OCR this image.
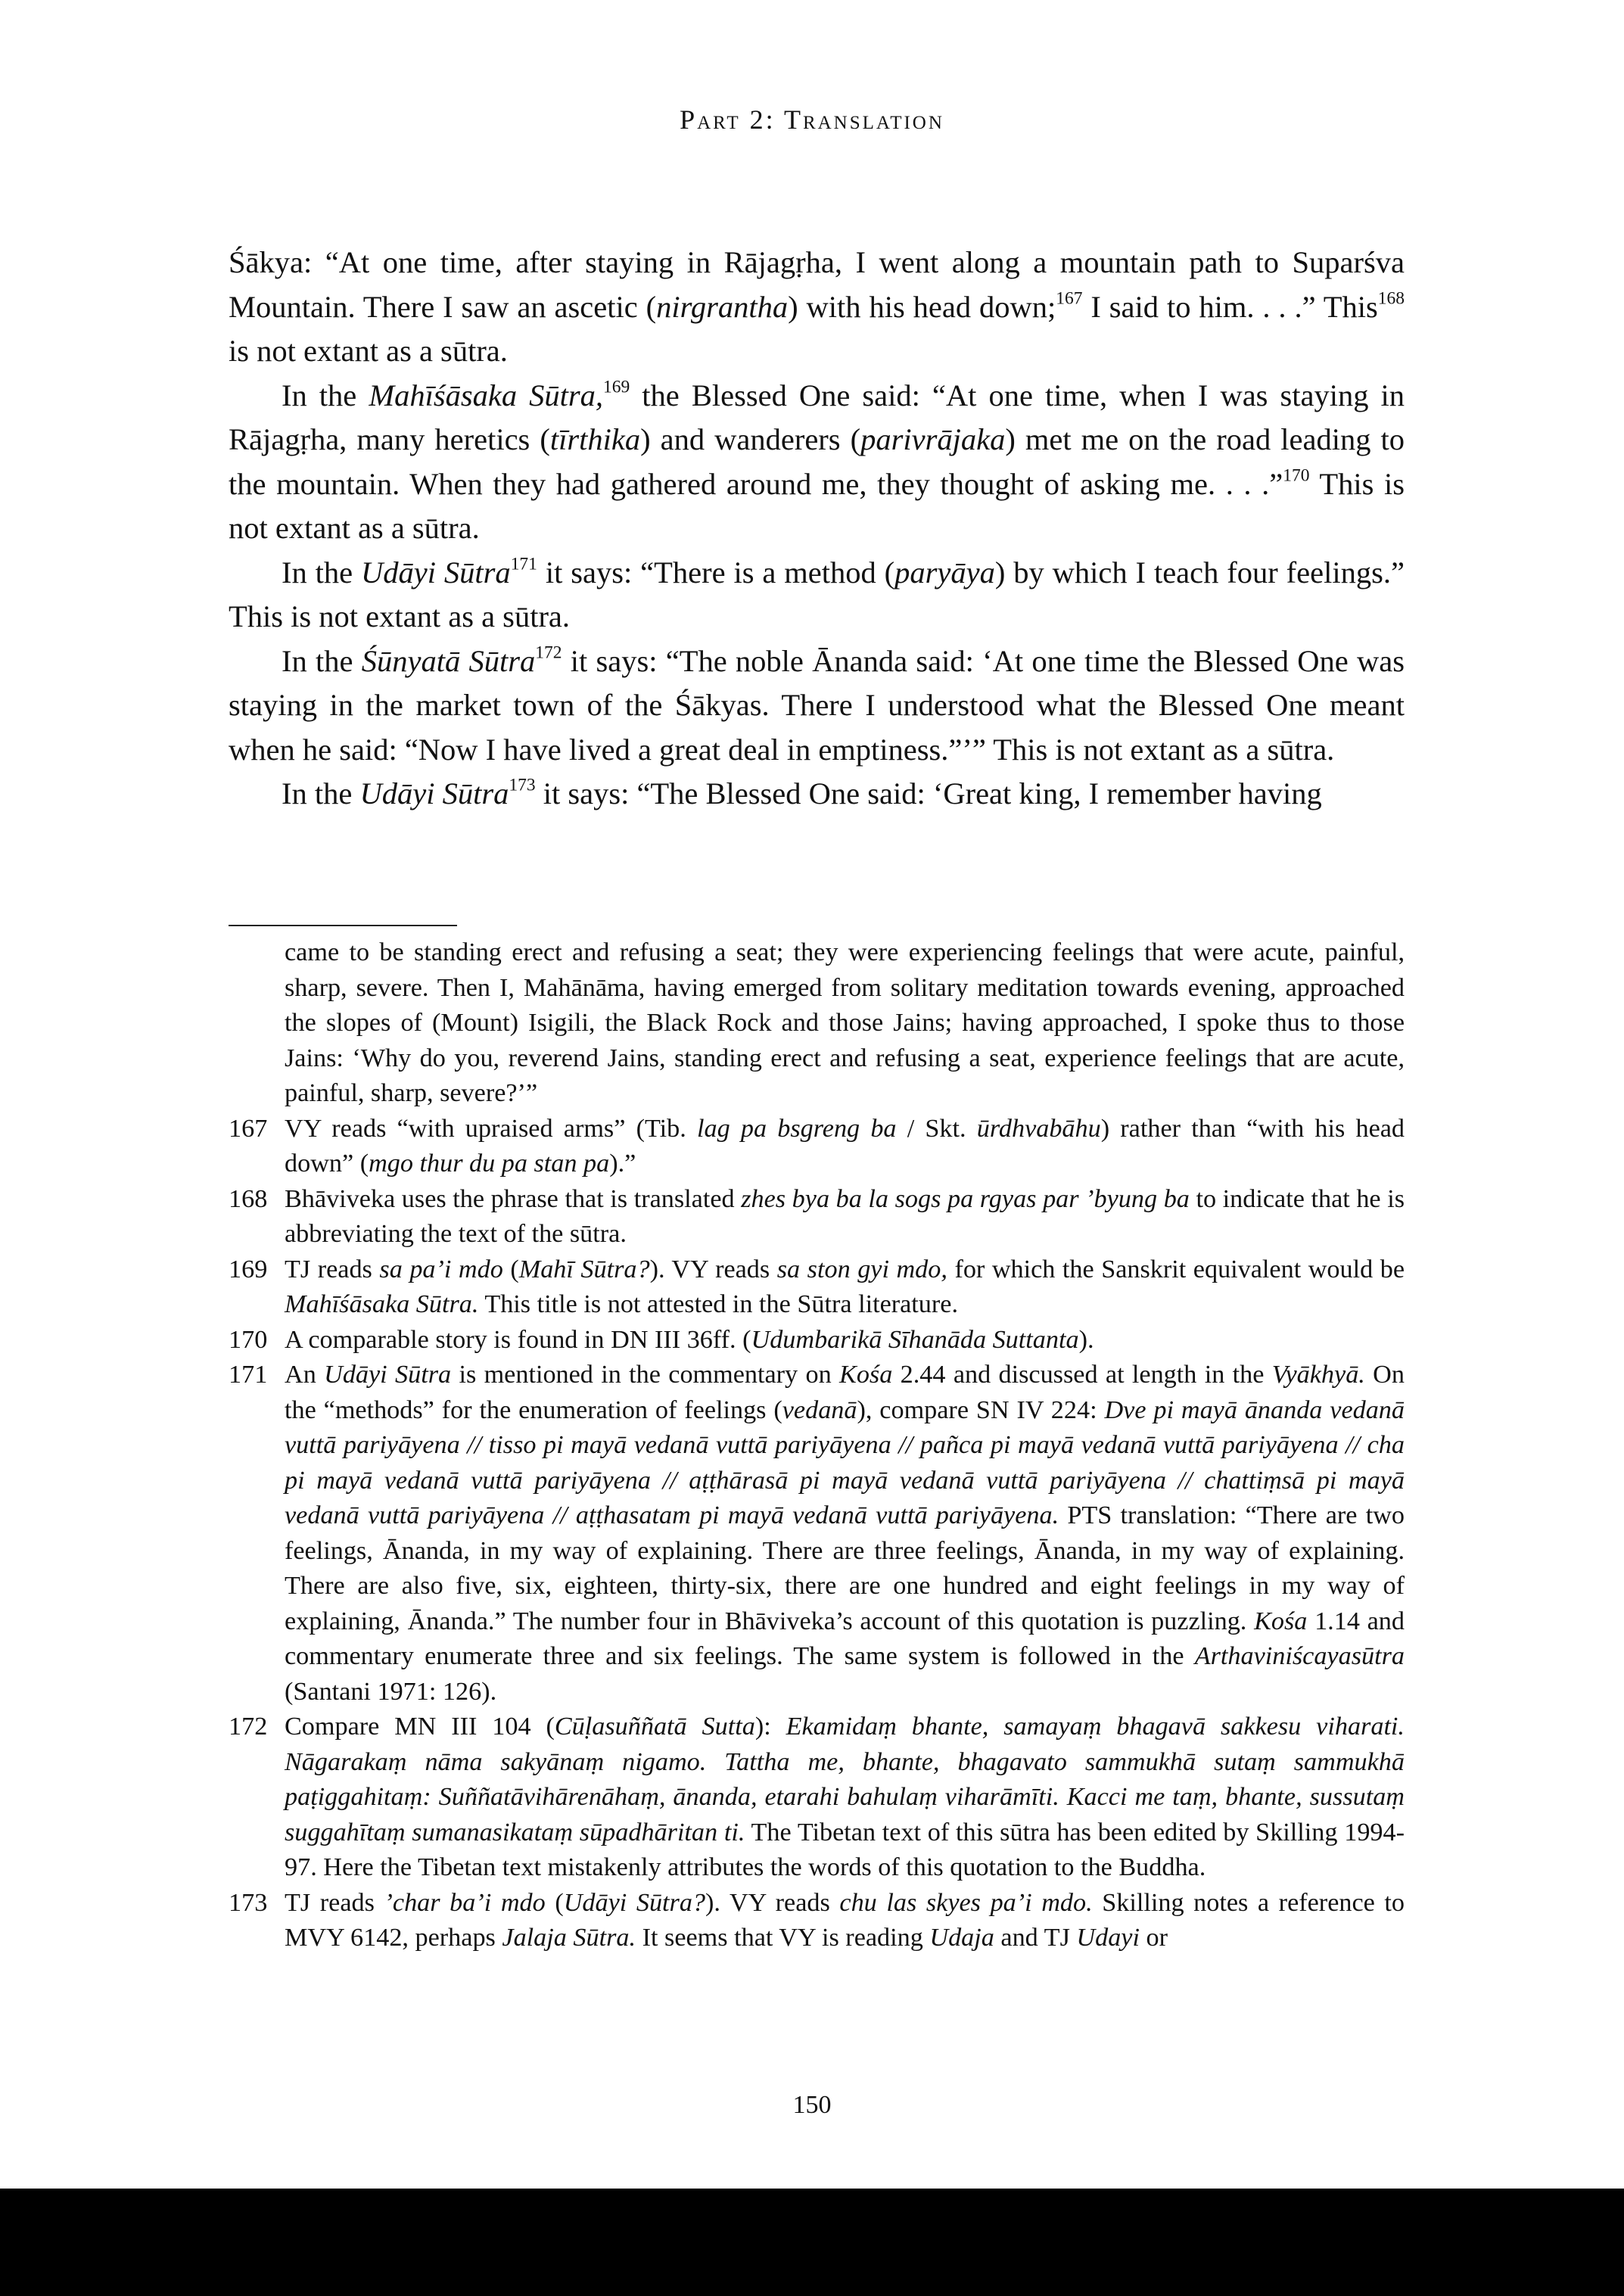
Part 2: Translation

Śākya: “At one time, after staying in Rājagṛha, I went along a mountain path to Suparśva Mountain. There I saw an ascetic (nirgrantha) with his head down;$^{167}$ I said to him. . . .” This$^{168}$ is not extant as a sūtra.

In the Mahīśāsaka Sūtra,$^{169}$ the Blessed One said: “At one time, when I was staying in Rājagṛha, many heretics (tīrthika) and wanderers (parivrājaka) met me on the road leading to the mountain. When they had gathered around me, they thought of asking me. . . .”$^{170}$ This is not extant as a sūtra.

In the Udāyi Sūtra$^{171}$ it says: “There is a method (paryāya) by which I teach four feelings.” This is not extant as a sūtra.

In the Śūnyatā Sūtra$^{172}$ it says: “The noble Ānanda said: ‘At one time the Blessed One was staying in the market town of the Śākyas. There I understood what the Blessed One meant when he said: “Now I have lived a great deal in emptiness.”’” This is not extant as a sūtra.

In the Udāyi Sūtra$^{173}$ it says: “The Blessed One said: ‘Great king, I remember having

came to be standing erect and refusing a seat; they were experiencing feelings that were acute, painful, sharp, severe. Then I, Mahānāma, having emerged from solitary meditation towards evening, approached the slopes of (Mount) Isigili, the Black Rock and those Jains; having approached, I spoke thus to those Jains: ‘Why do you, reverend Jains, standing erect and refusing a seat, experience feelings that are acute, painful, sharp, severe?’”

167 VY reads “with upraised arms” (Tib. lag pa bsgreng ba / Skt. ūrdhvabāhu) rather than “with his head down” (mgo thur du pa stan pa).”
168 Bhāviveka uses the phrase that is translated zhes bya ba la sogs pa rgyas par ’byung ba to indicate that he is abbreviating the text of the sūtra.
169 TJ reads sa pa’i mdo (Mahī Sūtra?). VY reads sa ston gyi mdo, for which the Sanskrit equivalent would be Mahīśāsaka Sūtra. This title is not attested in the Sūtra literature.
170 A comparable story is found in DN III 36ff. (Udumbarikā Sīhanāda Suttanta).
171 An Udāyi Sūtra is mentioned in the commentary on Kośa 2.44 and discussed at length in the Vyākhyā. On the “methods” for the enumeration of feelings (vedanā), compare SN IV 224: Dve pi mayā ānanda vedanā vuttā pariyāyena // tisso pi mayā vedanā vuttā pariyāyena // pañca pi mayā vedanā vuttā pariyāyena // cha pi mayā vedanā vuttā pariyāyena // aṭṭhārasā pi mayā vedanā vuttā pariyāyena // chattiṃsā pi mayā vedanā vuttā pariyāyena // aṭṭhasatam pi mayā vedanā vuttā pariyāyena. PTS translation: “There are two feelings, Ānanda, in my way of explaining. There are three feelings, Ānanda, in my way of explaining. There are also five, six, eighteen, thirty-six, there are one hundred and eight feelings in my way of explaining, Ānanda.” The number four in Bhāviveka’s account of this quotation is puzzling. Kośa 1.14 and commentary enumerate three and six feelings. The same system is followed in the Arthaviniścayasūtra (Santani 1971: 126).
172 Compare MN III 104 (Cūḷasuññatā Sutta): Ekamidaṃ bhante, samayaṃ bhagavā sakkesu viharati. Nāgarakaṃ nāma sakyānaṃ nigamo. Tattha me, bhante, bhagavato sammukhā sutaṃ sammukhā paṭiggahitaṃ: Suññatāvihārenāhaṃ, ānanda, etarahi bahulaṃ viharāmīti. Kacci me taṃ, bhante, sussutaṃ suggahītaṃ sumanasikataṃ sūpadhāritan ti. The Tibetan text of this sūtra has been edited by Skilling 1994-97. Here the Tibetan text mistakenly attributes the words of this quotation to the Buddha.
173 TJ reads ’char ba’i mdo (Udāyi Sūtra?). VY reads chu las skyes pa’i mdo. Skilling notes a reference to MVY 6142, perhaps Jalaja Sūtra. It seems that VY is reading Udaja and TJ Udayi or
150
